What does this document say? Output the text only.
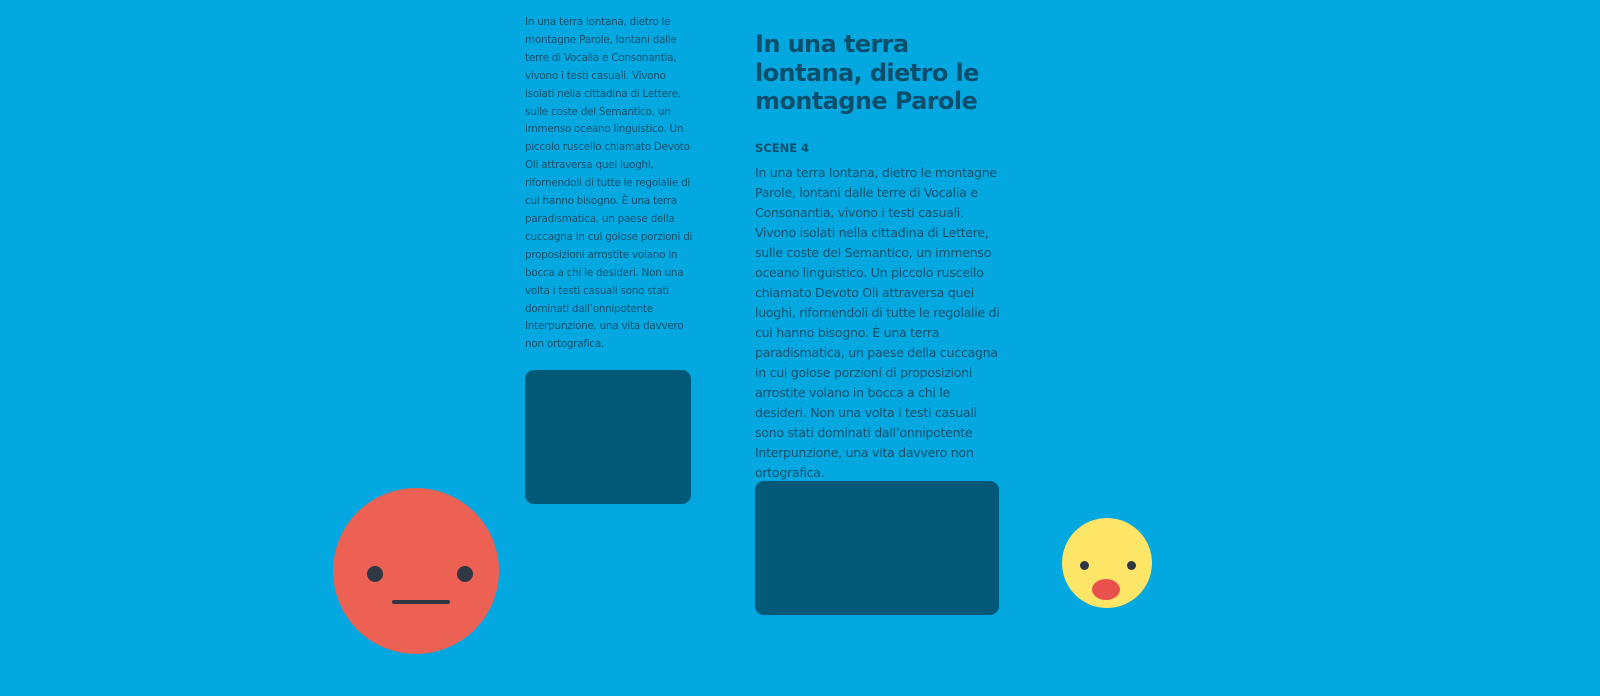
In una terra lontana, dietro le montagne Parole, lontani dalle terre di Vocalia e Consonantia, vivono i testi casuali. Vivono isolati nella cittadina di Lettere, sulle coste del Semantico, un immenso oceano linguistico. Un piccolo ruscello chiamato Devoto Oli attraversa quei luoghi, rifornendoli di tutte le regolalie di cui hanno bisogno. È una terra paradismatica, un paese della cuccagna in cui golose porzioni di proposizioni arrostite volano in bocca a chi le desideri. Non una volta i testi casuali sono stati dominati dall’onnipotente Interpunzione, una vita davvero non ortografica.

In una terra lontana, dietro le montagne Parole
SCENE 4

In una terra lontana, dietro le montagne Parole, lontani dalle terre di Vocalia e Consonantia, vivono i testi casuali. Vivono isolati nella cittadina di Lettere, sulle coste del Semantico, un immenso oceano linguistico. Un piccolo ruscello chiamato Devoto Oli attraversa quei luoghi, rifornendoli di tutte le regolalie di cui hanno bisogno. È una terra paradismatica, un paese della cuccagna in cui golose porzioni di proposizioni arrostite volano in bocca a chi le desideri. Non una volta i testi casuali sono stati dominati dall’onnipotente Interpunzione, una vita davvero non ortografica.
